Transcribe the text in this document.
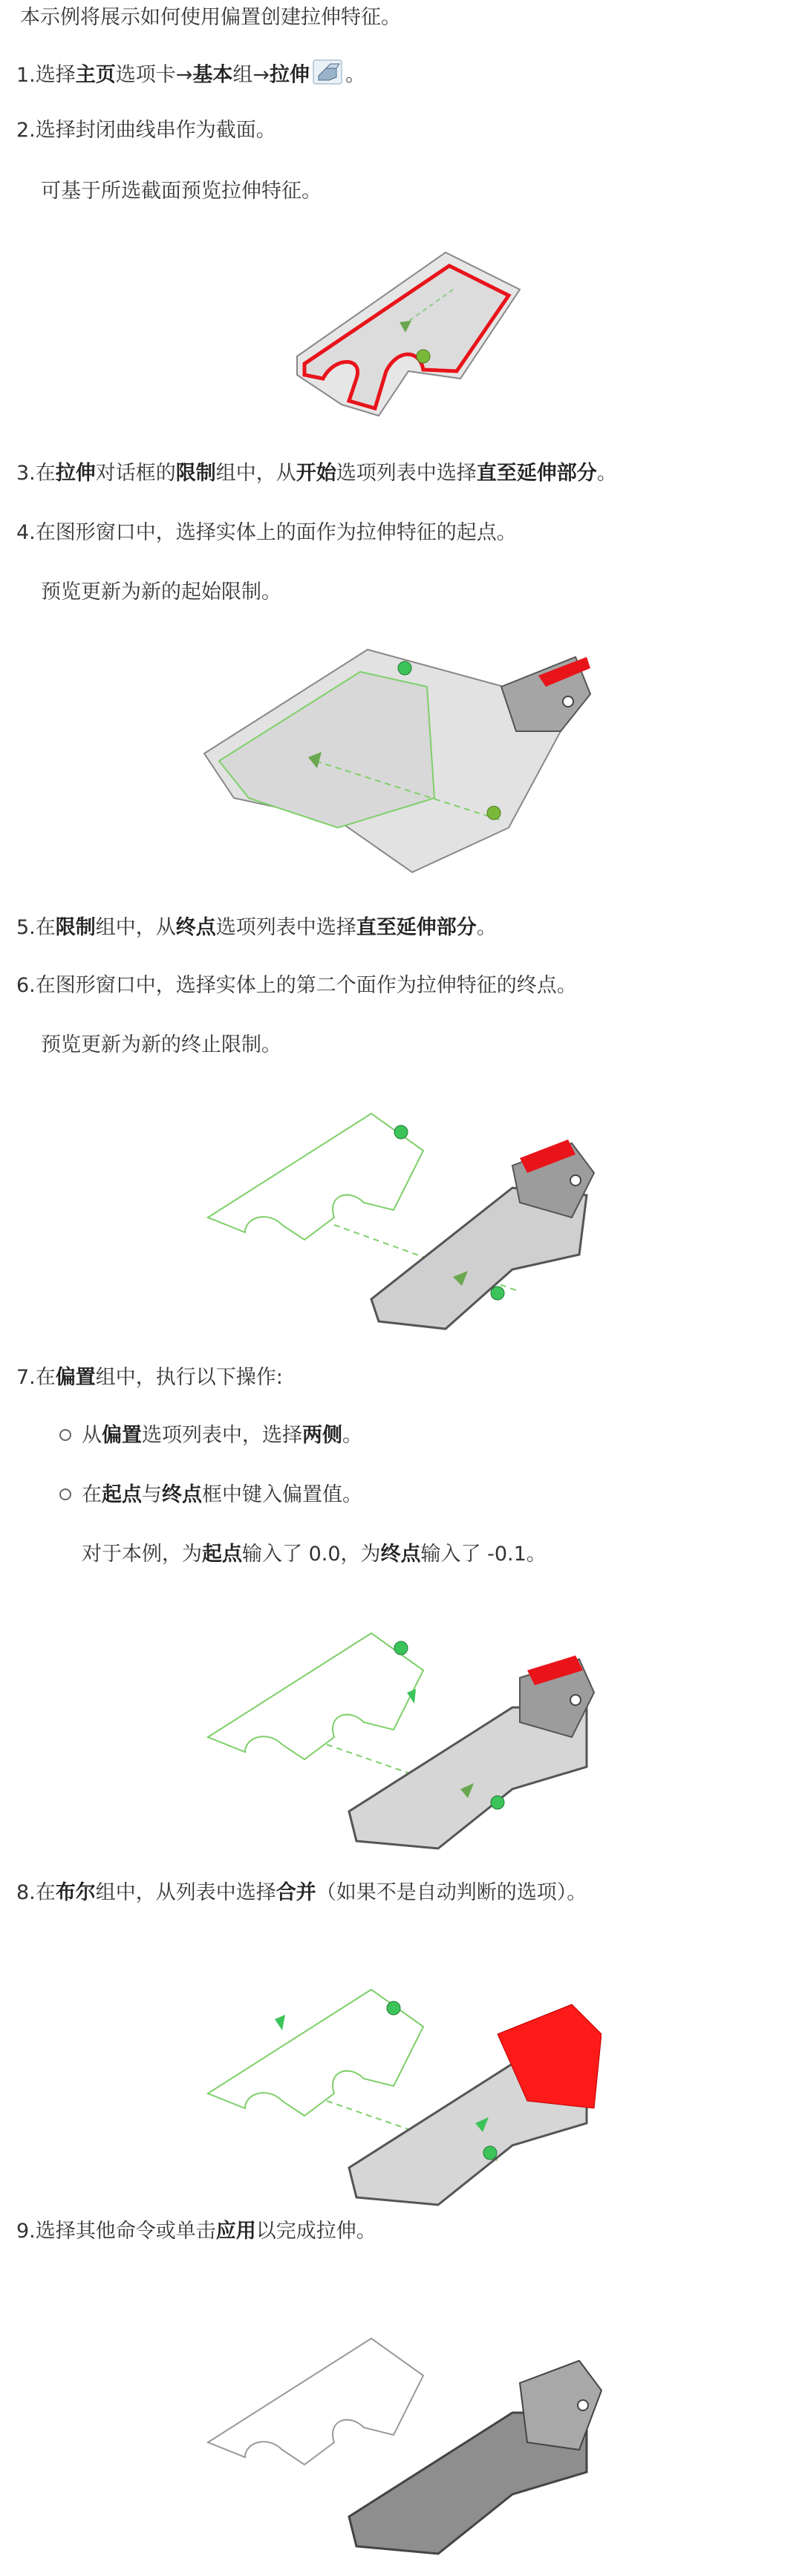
本示例将展示如何使用偏置创建拉伸特征。
1.选择主页选项卡→基本组→拉伸 。
2.选择封闭曲线串作为截面。
可基于所选截面预览拉伸特征。
3.在拉伸对话框的限制组中，从开始选项列表中选择直至延伸部分。
4.在图形窗口中，选择实体上的面作为拉伸特征的起点。
预览更新为新的起始限制。
5.在限制组中，从终点选项列表中选择直至延伸部分。
6.在图形窗口中，选择实体上的第二个面作为拉伸特征的终点。
预览更新为新的终止限制。
7.在偏置组中，执行以下操作:
从偏置选项列表中，选择两侧。
在起点与终点框中键入偏置值。
对于本例，为起点输入了 0.0，为终点输入了 -0.1。
8.在布尔组中，从列表中选择合并（如果不是自动判断的选项）。
9.选择其他命令或单击应用以完成拉伸。
